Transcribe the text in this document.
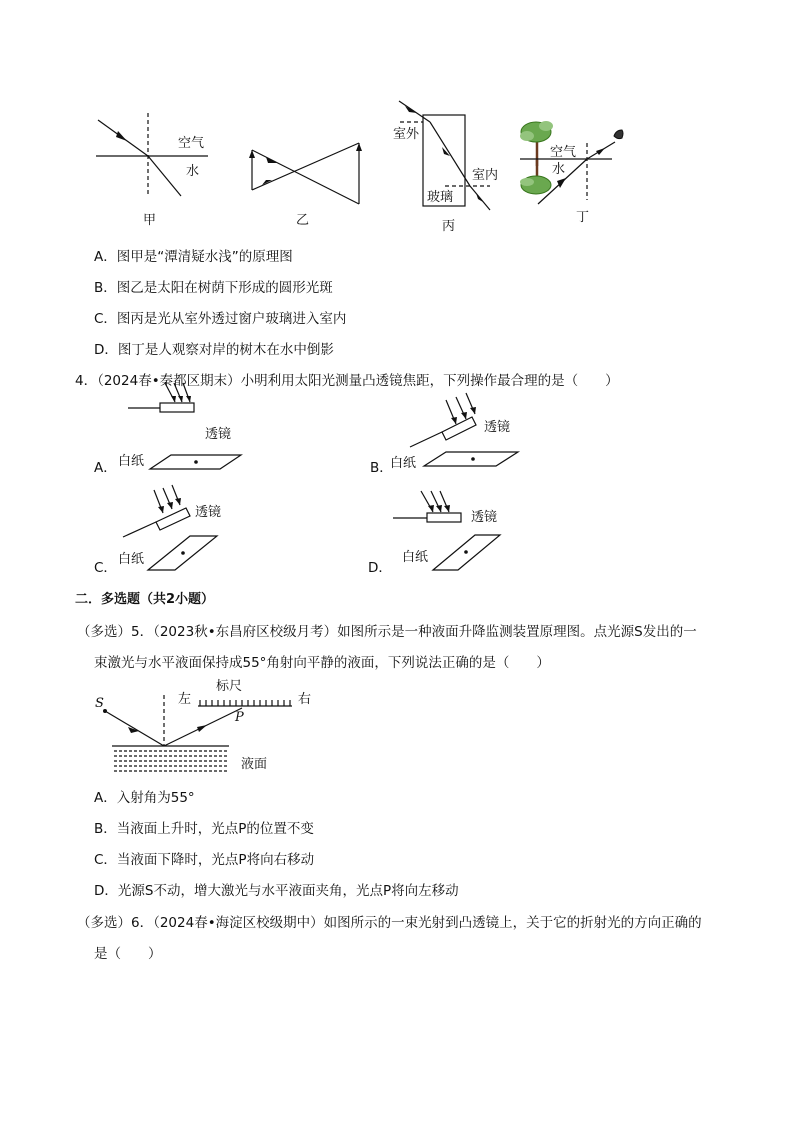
空气
水
甲	乙
室外
室内
玻璃
丙
空气
水
丁
A．图甲是“潭清疑水浅”的原理图
B．图乙是太阳在树荫下形成的圆形光斑
C．图丙是光从室外透过窗户玻璃进入室内
D．图丁是人观察对岸的树木在水中倒影
4．（2024春•秦都区期末）小明利用太阳光测量凸透镜焦距，下列操作最合理的是（　　）
A．
透镜
白纸	B．
透镜
白纸
C．
透镜
白纸
D．
透镜
白纸
二．多选题（共2小题）
（多选）5．（2023秋•东昌府区校级月考）如图所示是一种液面升降监测装置原理图。点光源S发出的一
束激光与水平液面保持成55°角射向平静的液面，下列说法正确的是（　　）
S	左
标尺
右
P
液面
A．入射角为55°
B．当液面上升时，光点P的位置不变
C．当液面下降时，光点P将向右移动
D．光源S不动，增大激光与水平液面夹角，光点P将向左移动
（多选）6．（2024春•海淀区校级期中）如图所示的一束光射到凸透镜上，关于它的折射光的方向正确的
是（　　）
